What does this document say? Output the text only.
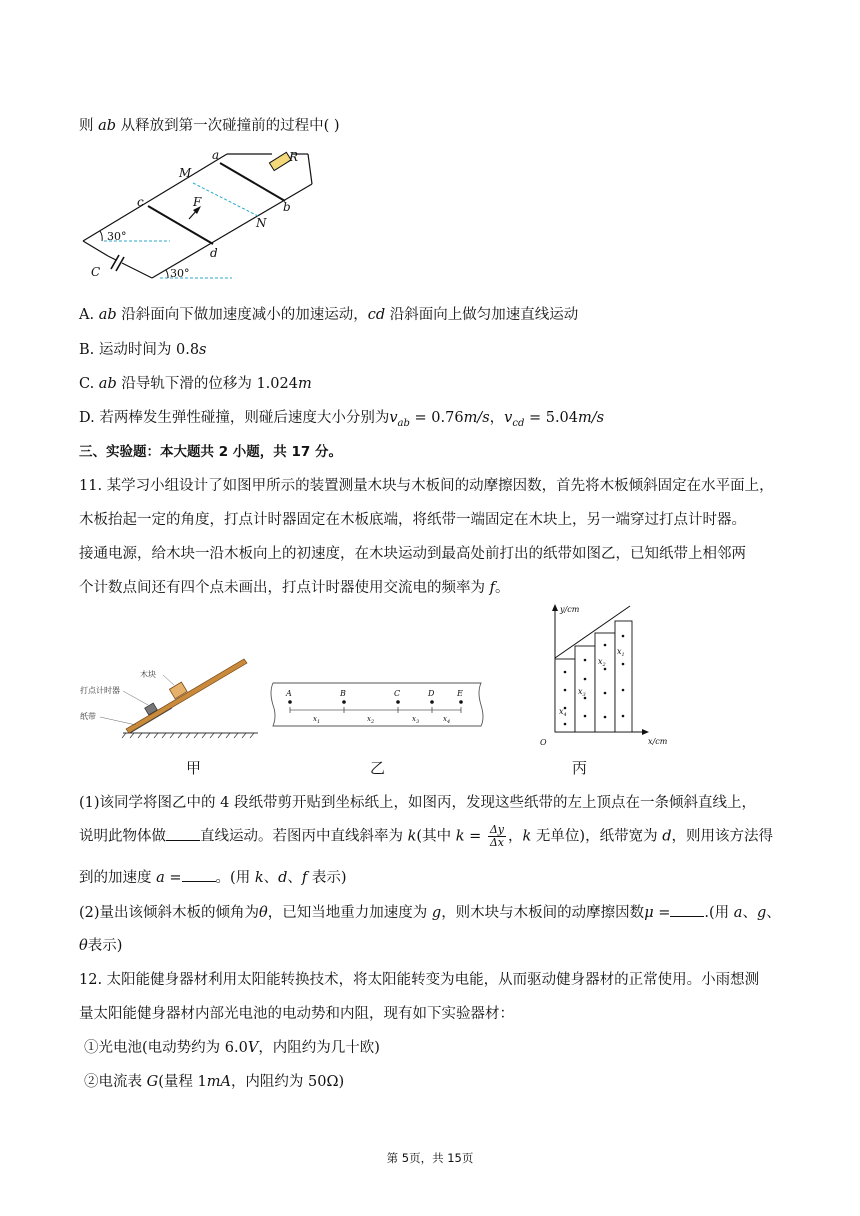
则 ab 从释放到第一次碰撞前的过程中( )
a
b
c
d
M
N
R
F
C
30°
30°
A. ab 沿斜面向下做加速度减小的加速运动，cd 沿斜面向上做匀加速直线运动
B. 运动时间为 0.8s
C. ab 沿导轨下滑的位移为 1.024m
D. 若两棒发生弹性碰撞，则碰后速度大小分别为$v_{ab} = 0.76m/s$，$v_{cd} = 5.04m/s$
三、实验题：本大题共 2 小题，共 17 分。
11. 某学习小组设计了如图甲所示的装置测量木块与木板间的动摩擦因数，首先将木板倾斜固定在水平面上，
木板抬起一定的角度，打点计时器固定在木板底端，将纸带一端固定在木块上，另一端穿过打点计时器。
接通电源，给木块一沿木板向上的初速度，在木块运动到最高处前打出的纸带如图乙，已知纸带上相邻两
个计数点间还有四个点未画出，打点计时器使用交流电的频率为 f。
木块
打点计时器
纸带
甲
A	B	C	D	E
$x_1$	$x_2$	$x_3$	$x_4$
乙
$x_4$
$x_3$
$x_2$
$x_1$
y/cm
x/cm
O
丙
(1)该同学将图乙中的 4 段纸带剪开贴到坐标纸上，如图丙，发现这些纸带的左上顶点在一条倾斜直线上，
说明此物体做 直线运动。若图丙中直线斜率为 k(其中 $k = \frac{\Delta y}{\Delta x}$ ，k 无单位)，纸带宽为 d，则用该方法得
到的加速度 a = 。(用 k、d、f 表示)
(2)量出该倾斜木板的倾角为θ，已知当地重力加速度为 g，则木块与木板间的动摩擦因数μ = .(用 a、g、
θ表示)
12. 太阳能健身器材利用太阳能转换技术，将太阳能转变为电能，从而驱动健身器材的正常使用。小雨想测
量太阳能健身器材内部光电池的电动势和内阻，现有如下实验器材：
①光电池(电动势约为 6.0V，内阻约为几十欧)
②电流表 G(量程 1mA，内阻约为 50Ω)
第 5页，共 15页
